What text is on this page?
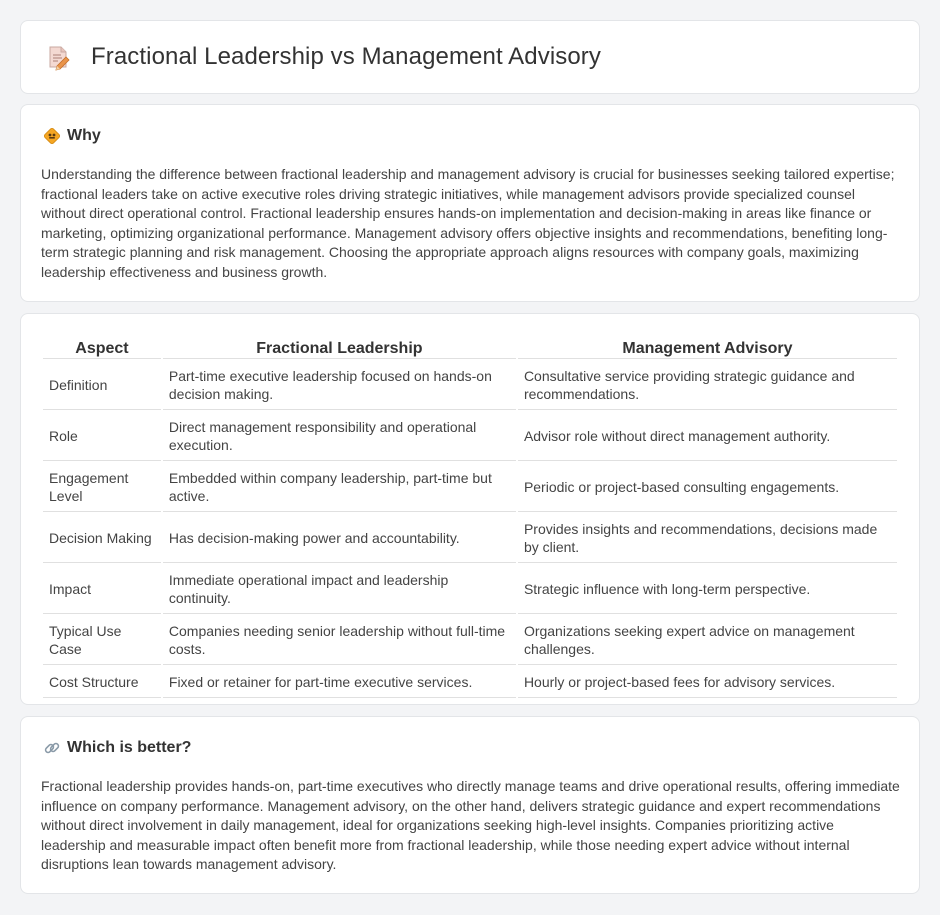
Fractional Leadership vs Management Advisory
Why

Understanding the difference between fractional leadership and management advisory is crucial for businesses seeking tailored expertise; fractional leaders take on active executive roles driving strategic initiatives, while management advisors provide specialized counsel without direct operational control. Fractional leadership ensures hands-on implementation and decision-making in areas like finance or marketing, optimizing organizational performance. Management advisory offers objective insights and recommendations, benefiting long-term strategic planning and risk management. Choosing the appropriate approach aligns resources with company goals, maximizing leadership effectiveness and business growth.

Aspect	Fractional Leadership	Management Advisory
Definition	Part-time executive leadership focused on hands-on decision making.	Consultative service providing strategic guidance and recommendations.
Role	Direct management responsibility and operational execution.	Advisor role without direct management authority.
Engagement Level	Embedded within company leadership, part-time but active.	Periodic or project-based consulting engagements.
Decision Making	Has decision-making power and accountability.	Provides insights and recommendations, decisions made by client.
Impact	Immediate operational impact and leadership continuity.	Strategic influence with long-term perspective.
Typical Use Case	Companies needing senior leadership without full-time costs.	Organizations seeking expert advice on management challenges.
Cost Structure	Fixed or retainer for part-time executive services.	Hourly or project-based fees for advisory services.
Which is better?

Fractional leadership provides hands-on, part-time executives who directly manage teams and drive operational results, offering immediate influence on company performance. Management advisory, on the other hand, delivers strategic guidance and expert recommendations without direct involvement in daily management, ideal for organizations seeking high-level insights. Companies prioritizing active leadership and measurable impact often benefit more from fractional leadership, while those needing expert advice without internal disruptions lean towards management advisory.
